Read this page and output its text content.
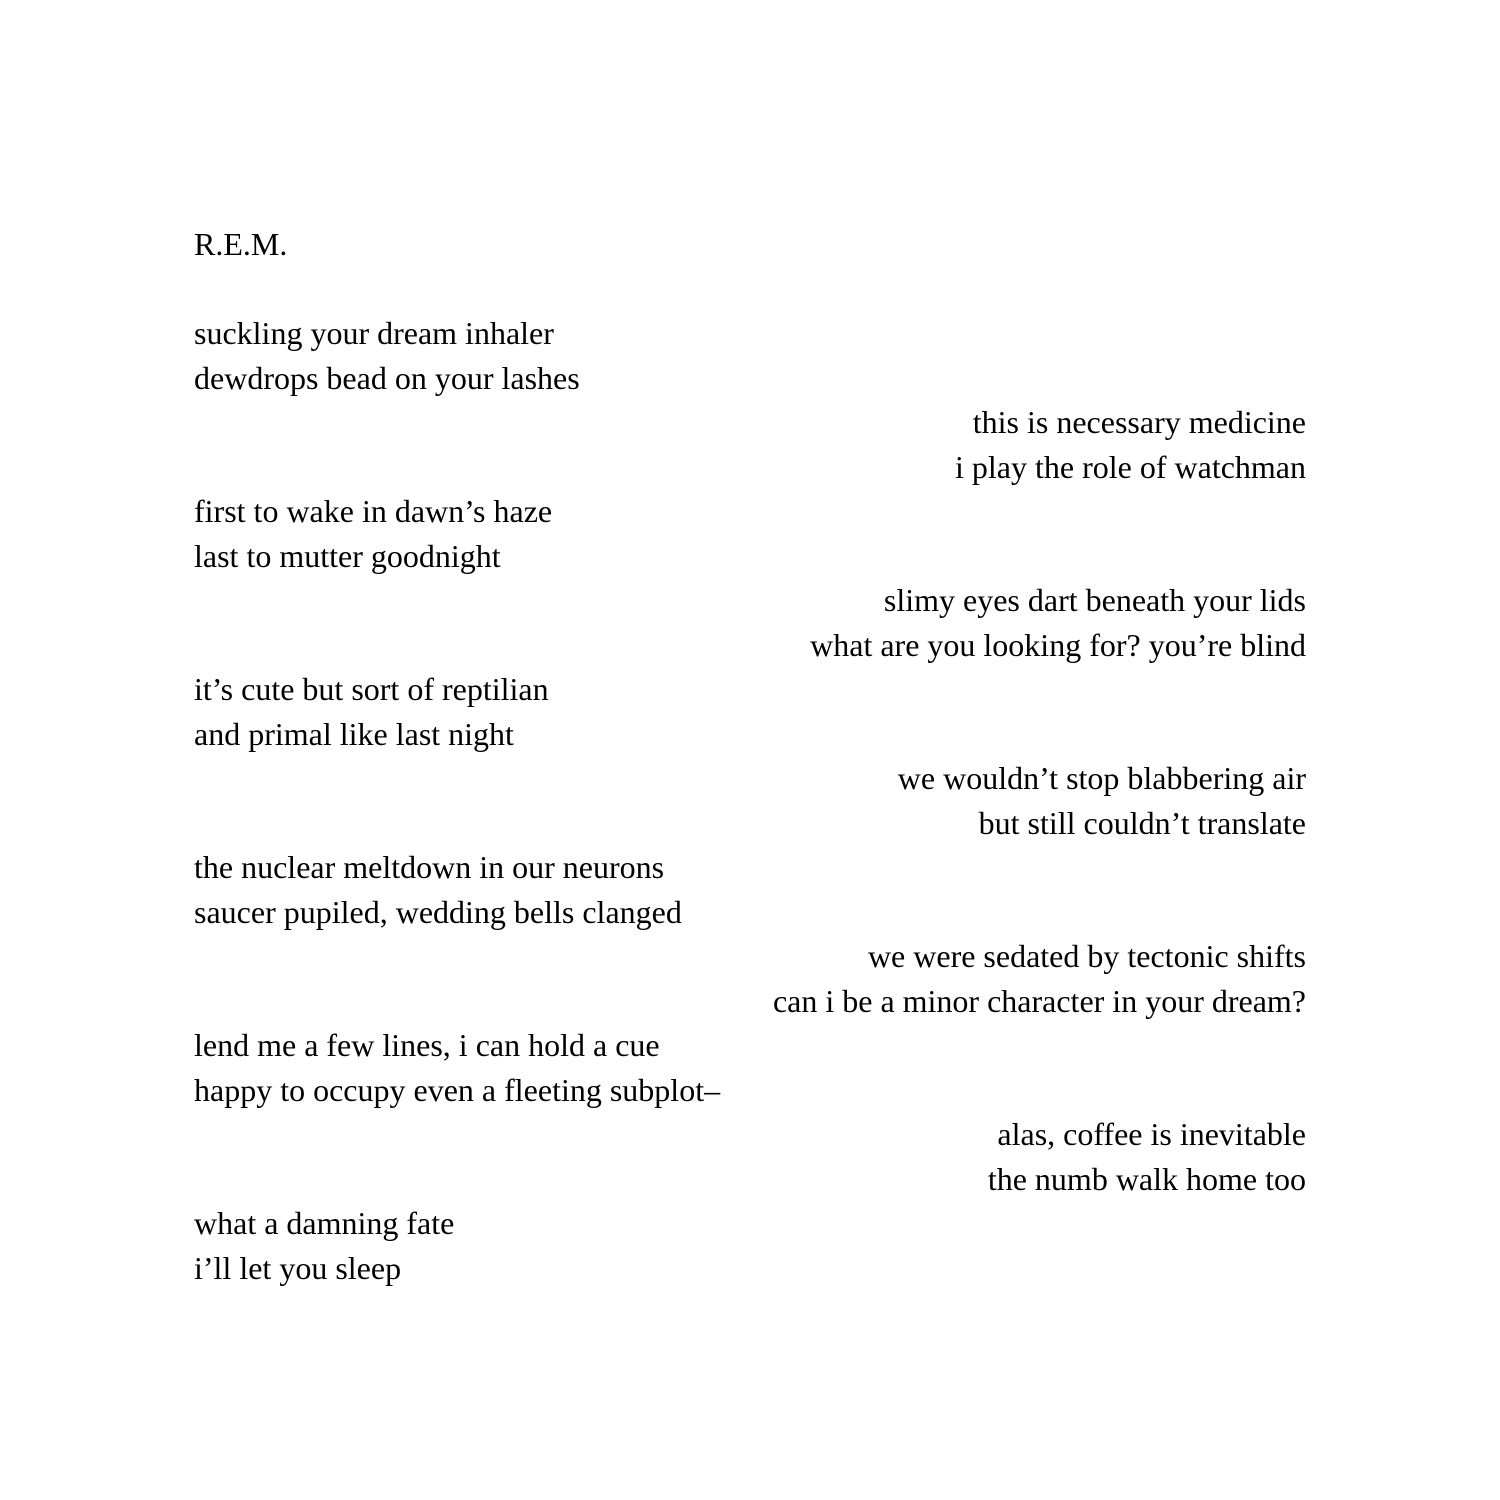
R.E.M.
suckling your dream inhaler
dewdrops bead on your lashes
this is necessary medicine
i play the role of watchman
first to wake in dawn’s haze
last to mutter goodnight
slimy eyes dart beneath your lids
what are you looking for? you’re blind
it’s cute but sort of reptilian
and primal like last night
we wouldn’t stop blabbering air
but still couldn’t translate
the nuclear meltdown in our neurons
saucer pupiled, wedding bells clanged
we were sedated by tectonic shifts
can i be a minor character in your dream?
lend me a few lines, i can hold a cue
happy to occupy even a fleeting subplot–
alas, coffee is inevitable
the numb walk home too
what a damning fate
i’ll let you sleep
